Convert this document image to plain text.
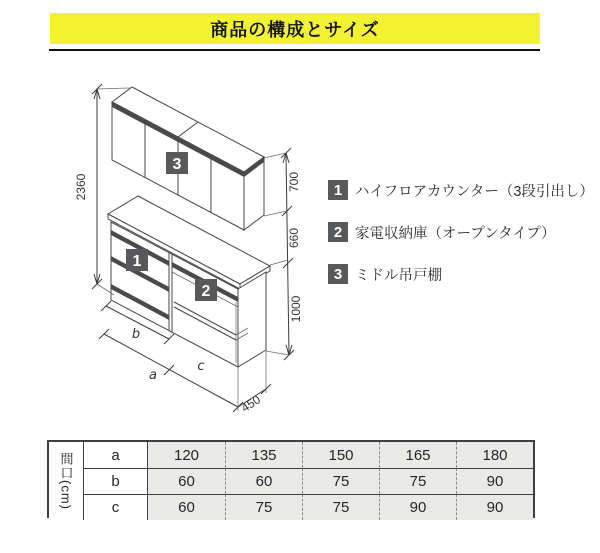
商品の構成とサイズ
2360	700
660
1000
b
a
c
450
1
2
3
1 ハイフロアカウンター（3段引出し）
2 家電収納庫（オープンタイプ）
3 ミドル吊戸棚
間口(cm)	a	120	135	150	165	180
b	60	60	75	75	90
c	60	75	75	90	90
